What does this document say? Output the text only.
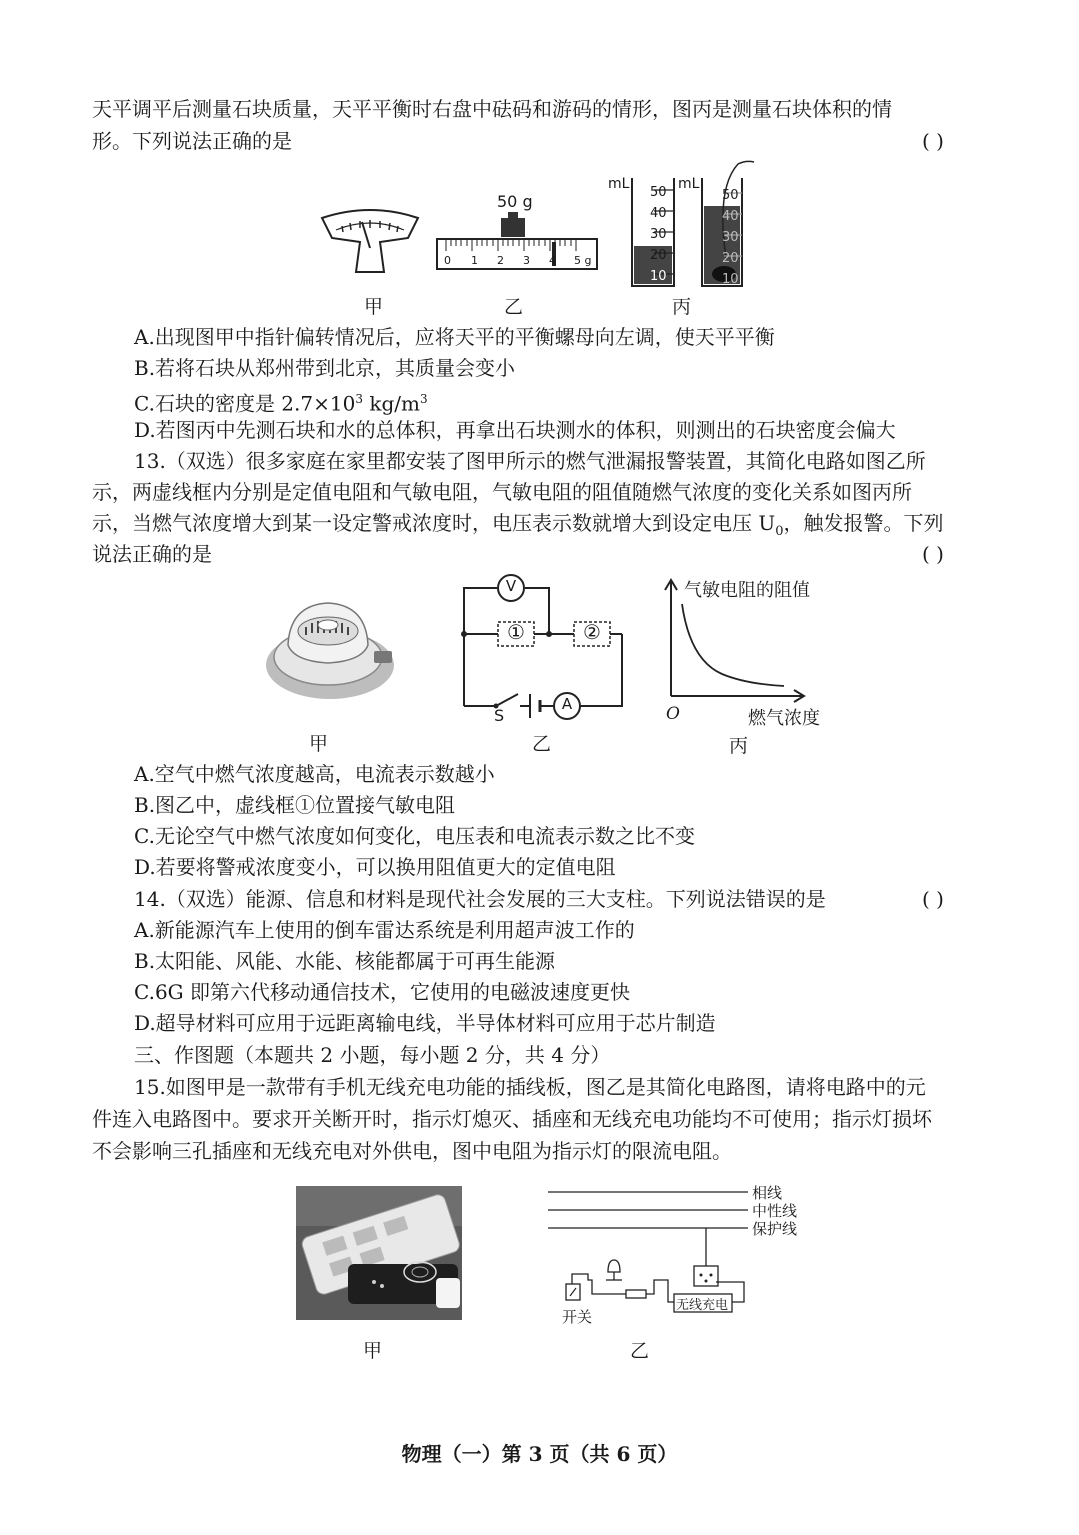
天平调平后测量石块质量，天平平衡时右盘中砝码和游码的情形，图丙是测量石块体积的情
形。下列说法正确的是	( )
50 g
0 1 2 3 4 5 g
mL
50
40
30
20
10
mL
50
40
30
20
10
甲	乙	丙
A.出现图甲中指针偏转情况后，应将天平的平衡螺母向左调，使天平平衡
B.若将石块从郑州带到北京，其质量会变小
C.石块的密度是 $2.7\times 10^3$ $kg/m^3$
D.若图丙中先测石块和水的总体积，再拿出石块测水的体积，则测出的石块密度会偏大
13.（双选）很多家庭在家里都安装了图甲所示的燃气泄漏报警装置，其简化电路如图乙所
示，两虚线框内分别是定值电阻和气敏电阻，气敏电阻的阻值随燃气浓度的变化关系如图丙所
示，当燃气浓度增大到某一设定警戒浓度时，电压表示数就增大到设定电压 $U_0$，触发报警。下列
说法正确的是	( )
V
A
①	②
S
气敏电阻的阻值
燃气浓度
O
甲	乙	丙
A.空气中燃气浓度越高，电流表示数越小
B.图乙中，虚线框①位置接气敏电阻
C.无论空气中燃气浓度如何变化，电压表和电流表示数之比不变
D.若要将警戒浓度变小，可以换用阻值更大的定值电阻
14.（双选）能源、信息和材料是现代社会发展的三大支柱。下列说法错误的是	( )
A.新能源汽车上使用的倒车雷达系统是利用超声波工作的
B.太阳能、风能、水能、核能都属于可再生能源
C.6G 即第六代移动通信技术，它使用的电磁波速度更快
D.超导材料可应用于远距离输电线，半导体材料可应用于芯片制造
三、作图题（本题共 2 小题，每小题 2 分，共 4 分）
15.如图甲是一款带有手机无线充电功能的插线板，图乙是其简化电路图，请将电路中的元
件连入电路图中。要求开关断开时，指示灯熄灭、插座和无线充电功能均不可使用；指示灯损坏
不会影响三孔插座和无线充电对外供电，图中电阻为指示灯的限流电阻。
相线
中性线
保护线
开关
无线充电
甲	乙
物理（一）第 3 页（共 6 页）
